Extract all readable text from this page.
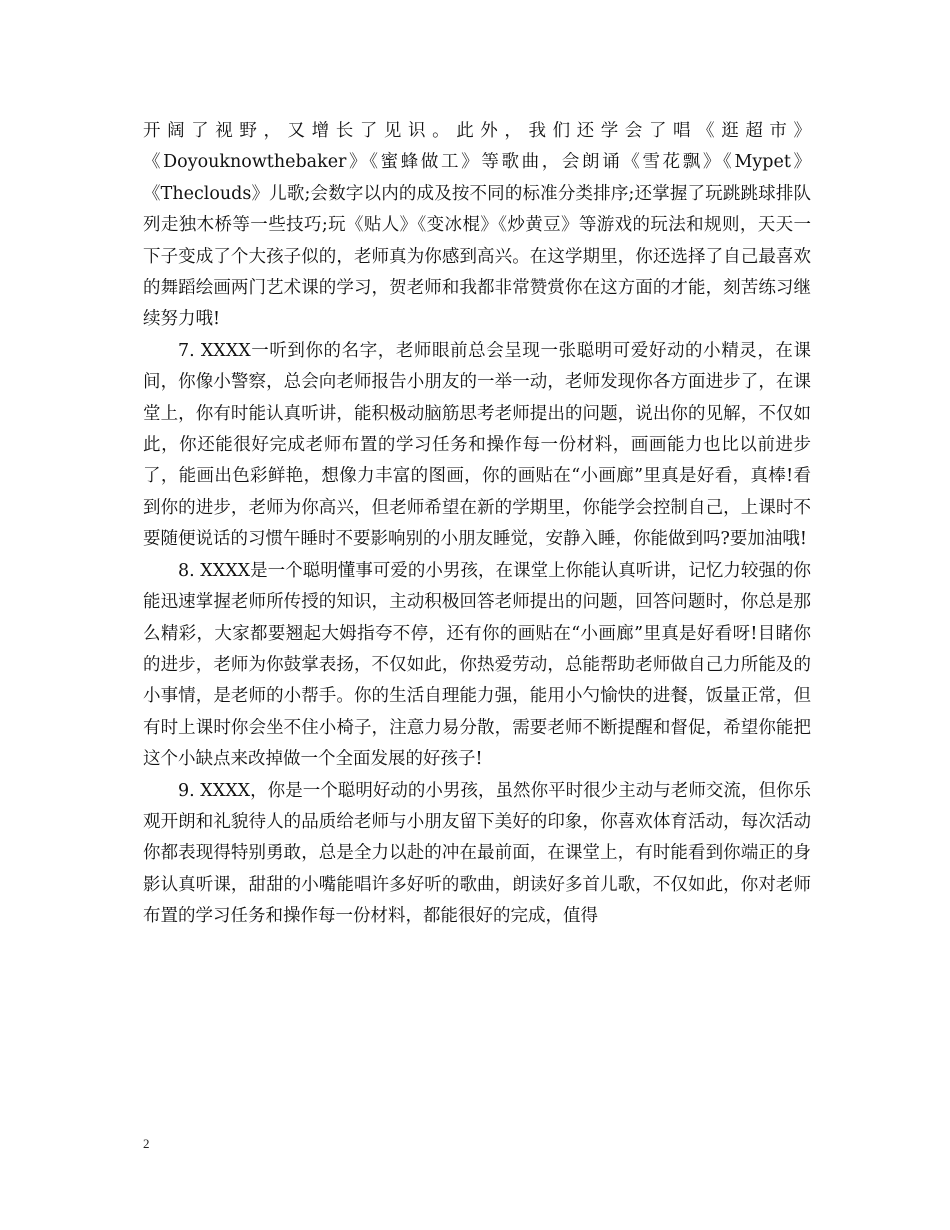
开阔了视野，又增长了见识。此外，我们还学会了唱《逛超市》《Doyouknowthebaker》《蜜蜂做工》等歌曲，会朗诵《雪花飘》《Mypet》《Theclouds》儿歌;会数字以内的成及按不同的标准分类排序;还掌握了玩跳跳球排队列走独木桥等一些技巧;玩《贴人》《变冰棍》《炒黄豆》等游戏的玩法和规则，天天一下子变成了个大孩子似的，老师真为你感到高兴。在这学期里，你还选择了自己最喜欢的舞蹈绘画两门艺术课的学习，贺老师和我都非常赞赏你在这方面的才能，刻苦练习继续努力哦!

7. XXXX一听到你的名字，老师眼前总会呈现一张聪明可爱好动的小精灵，在课间，你像小警察，总会向老师报告小朋友的一举一动，老师发现你各方面进步了，在课堂上，你有时能认真听讲，能积极动脑筋思考老师提出的问题，说出你的见解，不仅如此，你还能很好完成老师布置的学习任务和操作每一份材料，画画能力也比以前进步了，能画出色彩鲜艳，想像力丰富的图画，你的画贴在“小画廊”里真是好看，真棒!看到你的进步，老师为你高兴，但老师希望在新的学期里，你能学会控制自己，上课时不要随便说话的习惯午睡时不要影响别的小朋友睡觉，安静入睡，你能做到吗?要加油哦!

8. XXXX是一个聪明懂事可爱的小男孩，在课堂上你能认真听讲，记忆力较强的你能迅速掌握老师所传授的知识，主动积极回答老师提出的问题，回答问题时，你总是那么精彩，大家都要翘起大姆指夸不停，还有你的画贴在“小画廊”里真是好看呀!目睹你的进步，老师为你鼓掌表扬，不仅如此，你热爱劳动，总能帮助老师做自己力所能及的小事情，是老师的小帮手。你的生活自理能力强，能用小勺愉快的进餐，饭量正常，但有时上课时你会坐不住小椅子，注意力易分散，需要老师不断提醒和督促，希望你能把这个小缺点来改掉做一个全面发展的好孩子!

9. XXXX，你是一个聪明好动的小男孩，虽然你平时很少主动与老师交流，但你乐观开朗和礼貌待人的品质给老师与小朋友留下美好的印象，你喜欢体育活动，每次活动你都表现得特别勇敢，总是全力以赴的冲在最前面，在课堂上，有时能看到你端正的身影认真听课，甜甜的小嘴能唱许多好听的歌曲，朗读好多首儿歌，不仅如此，你对老师布置的学习任务和操作每一份材料，都能很好的完成，值得

2
